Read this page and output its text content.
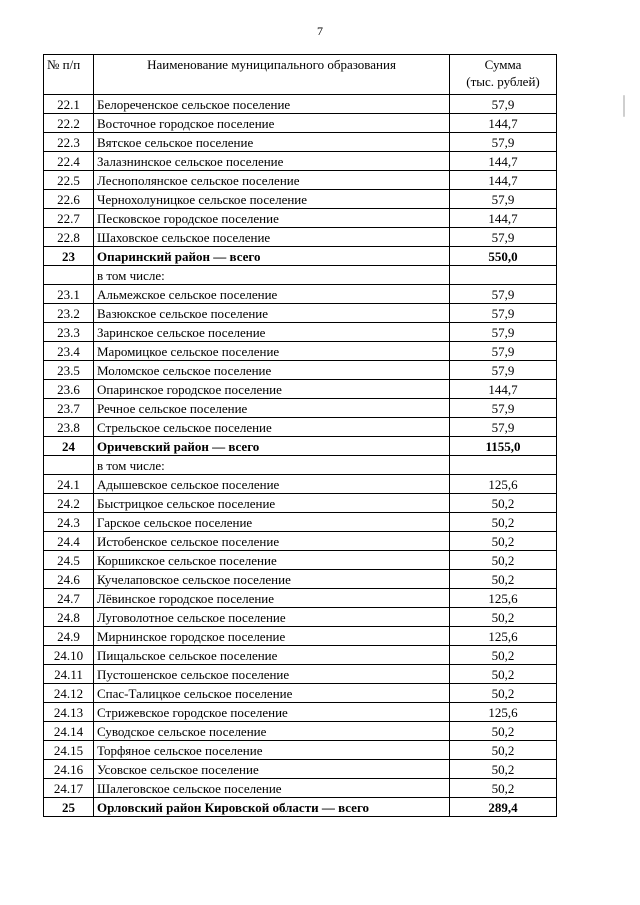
7
№ п/п	Наименование муниципального образования	Сумма
(тыс. рублей)

22.1	Белореченское сельское поселение	57,9
22.2	Восточное городское поселение	144,7
22.3	Вятское сельское поселение	57,9
22.4	Залазнинское сельское поселение	144,7
22.5	Леснополянское сельское поселение	144,7
22.6	Чернохолуницкое сельское поселение	57,9
22.7	Песковское городское поселение	144,7
22.8	Шаховское сельское поселение	57,9
23	Опаринский район — всего	550,0
	в том числе:	
23.1	Альмежское сельское поселение	57,9
23.2	Вазюкское сельское поселение	57,9
23.3	Заринское сельское поселение	57,9
23.4	Маромицкое сельское поселение	57,9
23.5	Моломское сельское поселение	57,9
23.6	Опаринское городское поселение	144,7
23.7	Речное сельское поселение	57,9
23.8	Стрельское сельское поселение	57,9
24	Оричевский район — всего	1155,0
	в том числе:	
24.1	Адышевское сельское поселение	125,6
24.2	Быстрицкое сельское поселение	50,2
24.3	Гарское сельское поселение	50,2
24.4	Истобенское сельское поселение	50,2
24.5	Коршикское сельское поселение	50,2
24.6	Кучелаповское сельское поселение	50,2
24.7	Лёвинское городское поселение	125,6
24.8	Луговолотное сельское поселение	50,2
24.9	Мирнинское городское поселение	125,6
24.10	Пищальское сельское поселение	50,2
24.11	Пустошенское сельское поселение	50,2
24.12	Спас-Талицкое сельское поселение	50,2
24.13	Стрижевское городское поселение	125,6
24.14	Суводское сельское поселение	50,2
24.15	Торфяное сельское поселение	50,2
24.16	Усовское сельское поселение	50,2
24.17	Шалеговское сельское поселение	50,2
25	Орловский район Кировской области — всего	289,4
